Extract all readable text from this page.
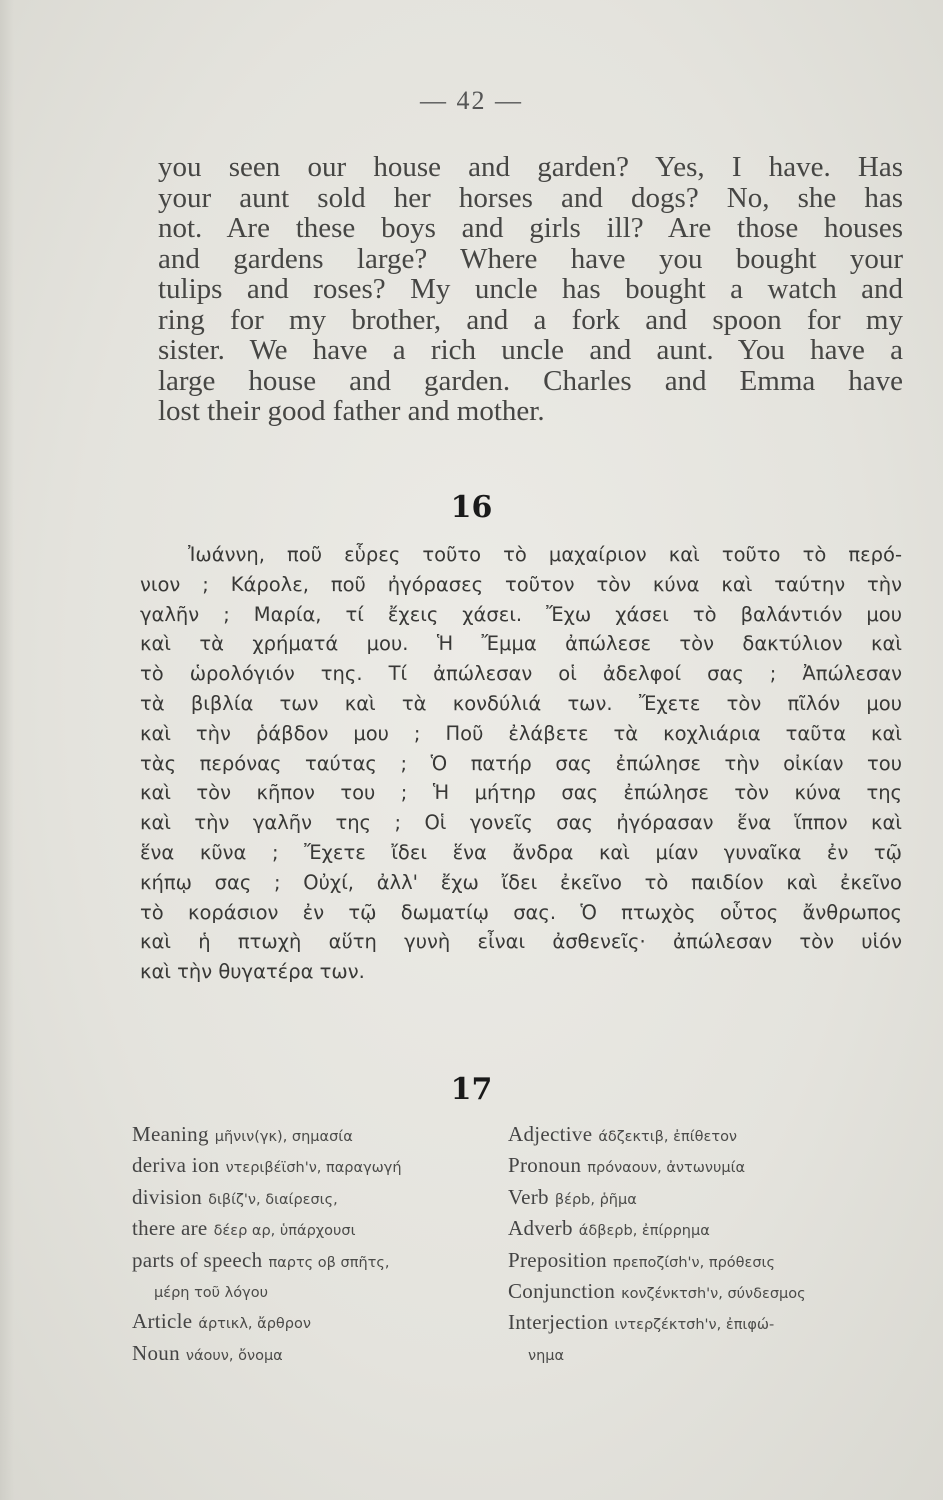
— 42 —
you seen our house and garden? Yes, I have. Has
your aunt sold her horses and dogs? No, she has
not. Are these boys and girls ill? Are those houses
and gardens large? Where have you bought your
tulips and roses? My uncle has bought a watch and
ring for my brother, and a fork and spoon for my
sister. We have a rich uncle and aunt. You have a
large house and garden. Charles and Emma have
lost their good father and mother.
16
Ἰωάννη, ποῦ εὗρες τοῦτο τὸ μαχαίριον καὶ τοῦτο τὸ περό-
νιον ; Κάρολε, ποῦ ἠγόρασες τοῦτον τὸν κύνα καὶ ταύτην τὴν
γαλῆν ; Μαρία, τί ἔχεις χάσει. Ἔχω χάσει τὸ βαλάντιόν μου
καὶ τὰ χρήματά μου. Ἡ Ἔμμα ἀπώλεσε τὸν δακτύλιον καὶ
τὸ ὡρολόγιόν της. Τί ἀπώλεσαν οἱ ἀδελφοί σας ; Ἀπώλεσαν
τὰ βιβλία των καὶ τὰ κονδύλιά των. Ἔχετε τὸν πῖλόν μου
καὶ τὴν ῥάβδον μου ; Ποῦ ἐλάβετε τὰ κοχλιάρια ταῦτα καὶ
τὰς περόνας ταύτας ; Ὁ πατήρ σας ἐπώλησε τὴν οἰκίαν του
καὶ τὸν κῆπον του ; Ἡ μήτηρ σας ἐπώλησε τὸν κύνα της
καὶ τὴν γαλῆν της ; Οἱ γονεῖς σας ἠγόρασαν ἕνα ἵππον καὶ
ἕνα κῦνα ; Ἔχετε ἴδει ἕνα ἄνδρα καὶ μίαν γυναῖκα ἐν τῷ
κήπῳ σας ; Οὐχί, ἀλλ' ἔχω ἴδει ἐκεῖνο τὸ παιδίον καὶ ἐκεῖνο
τὸ κοράσιον ἐν τῷ δωματίῳ σας. Ὁ πτωχὸς οὗτος ἄνθρωπος
καὶ ἡ πτωχὴ αὕτη γυνὴ εἶναι ἀσθενεῖς· ἀπώλεσαν τὸν υἱόν
καὶ τὴν θυγατέρα των.
17
Meaning μῆνιν(γκ), σημασία
deriva ion ντεριβέϊσh'ν, παραγωγή
division διβίζ'ν, διαίρεσις,
there are δέερ αρ, ὑπάρχουσι
parts of speech παρτς οβ σπῆτς,
μέρη τοῦ λόγου
Article άρτικλ, ἄρθρον
Noun νάουν, ὄνομα
Adjective άδζεκτιβ, ἐπίθετον
Pronoun πρόναουν, ἀντωνυμία
Verb βέρb, ῥῆμα
Adverb άδβερb, ἐπίρρημα
Preposition πρεποζίσh'ν, πρόθεσις
Conjunction κονζένκτσh'ν, σύνδεσμος
Interjection ιντερζέκτσh'ν, ἐπιφώ-
νημα
